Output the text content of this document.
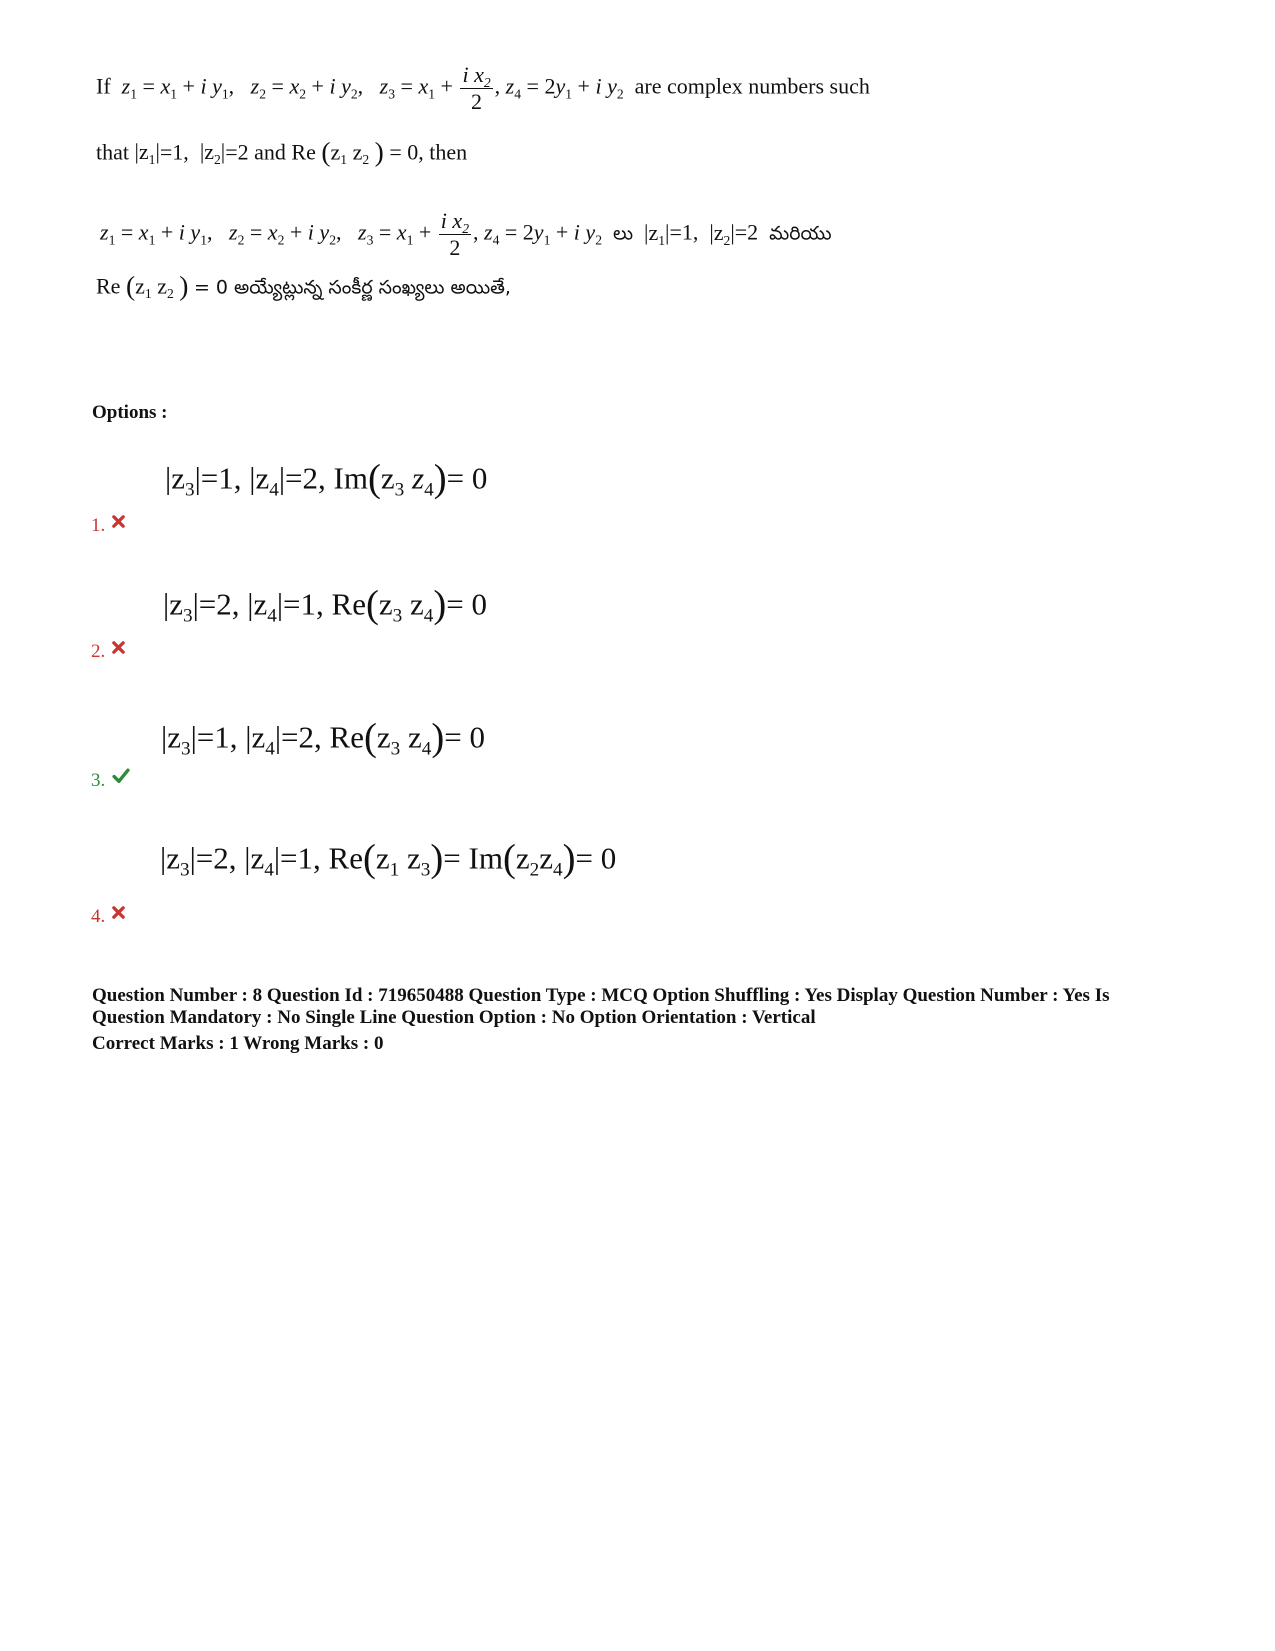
If  $z_1 = x_1 + i$ $y_1$,   $z_2 = x_2 + i$ $y_2$,   $z_3 = x_1 + \frac{i x_2}{2}$ , $z_4 = 2y_1 + i$ $y_2$ are complex numbers such
that $|z_1|=1$,  $|z_2|=2$ and Re ($z_1$ $z_2$ ) = 0, then
$z_1 = x_1 + i$ $y_1$,   $z_2 = x_2 + i$ $y_2$,   $z_3 = x_1 + \frac{i x_2}{2}$ , $z_4 = 2y_1 + i$ $y_2$ లు $|z_1|=1$,  $|z_2|=2$  మరియు
Re ($z_1$ $z_2$ ) = 0 అయ్యేట్లున్న సంకీర్ణ సంఖ్యలు అయితే,
Options :
$|z_3|=1$, $|z_4|=2$, $Im(z_3$ $z_4)= 0$
1.
$|z_3|=2$, $|z_4|=1$, $Re(z_3$ $z_4)= 0$
2.
$|z_3|=1$, $|z_4|=2$, $Re(z_3$ $z_4)= 0$
3.
$|z_3|=2$, $|z_4|=1$, $Re(z_1$ $z_3)= Im(z_2z_4)= 0$
4.
Question Number : 8 Question Id : 719650488 Question Type : MCQ Option Shuffling : Yes Display Question Number : Yes Is
Question Mandatory : No Single Line Question Option : No Option Orientation : Vertical
Correct Marks : 1 Wrong Marks : 0
